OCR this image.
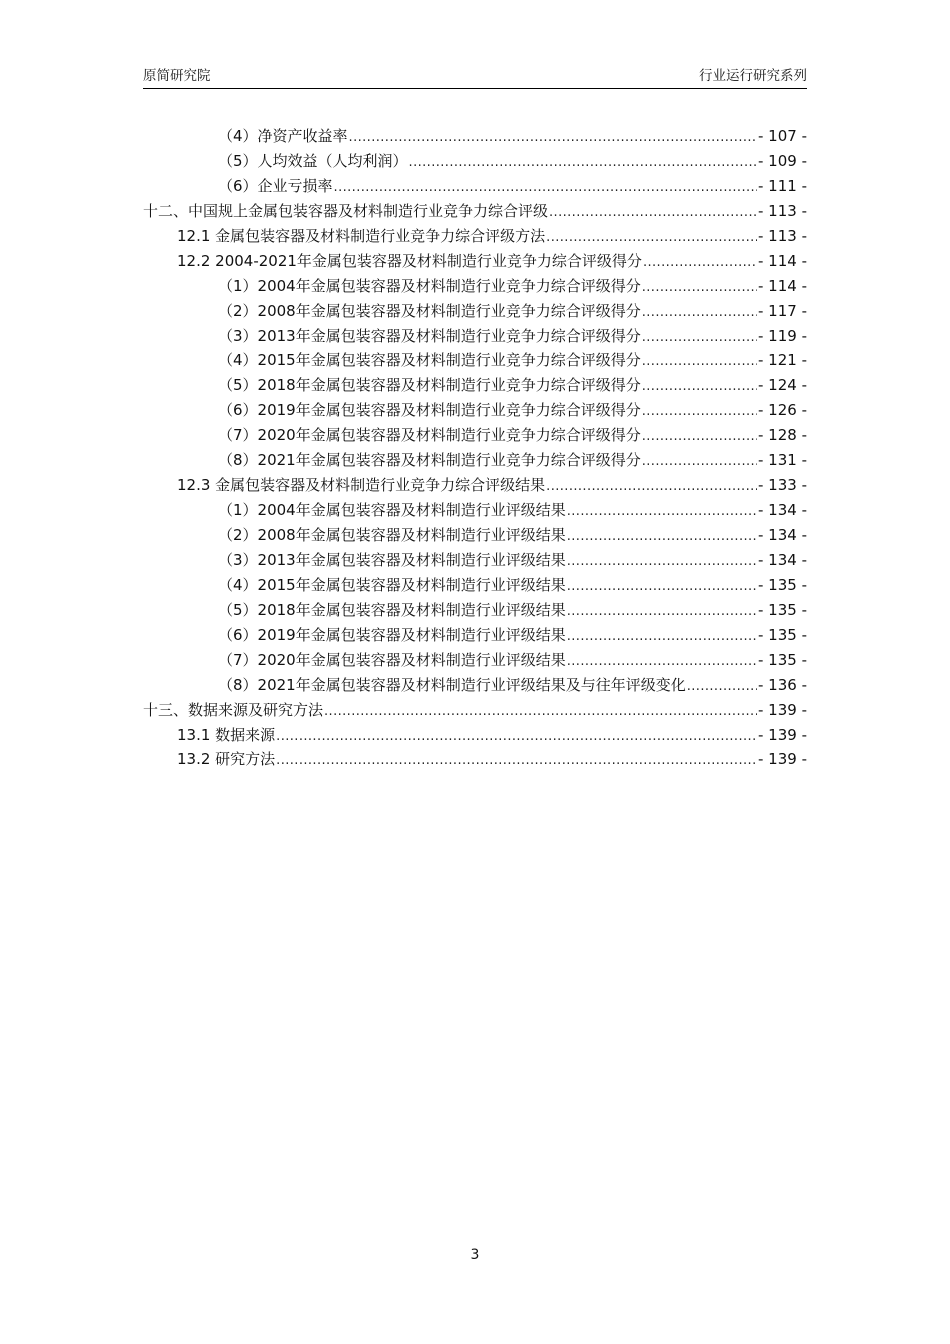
原简研究院	行业运行研究系列
（4）净资产收益率 .....	- 107 -
（5）人均效益（人均利润） .....	- 109 -
（6）企业亏损率 .....	- 111 -
十二、中国规上金属包装容器及材料制造行业竞争力综合评级 .....	- 113 -
12.1 金属包装容器及材料制造行业竞争力综合评级方法 .....	- 113 -
12.2 2004-2021年金属包装容器及材料制造行业竞争力综合评级得分 .....	- 114 -
（1）2004年金属包装容器及材料制造行业竞争力综合评级得分 .....	- 114 -
（2）2008年金属包装容器及材料制造行业竞争力综合评级得分 .....	- 117 -
（3）2013年金属包装容器及材料制造行业竞争力综合评级得分 .....	- 119 -
（4）2015年金属包装容器及材料制造行业竞争力综合评级得分 .....	- 121 -
（5）2018年金属包装容器及材料制造行业竞争力综合评级得分 .....	- 124 -
（6）2019年金属包装容器及材料制造行业竞争力综合评级得分 .....	- 126 -
（7）2020年金属包装容器及材料制造行业竞争力综合评级得分 .....	- 128 -
（8）2021年金属包装容器及材料制造行业竞争力综合评级得分 .....	- 131 -
12.3 金属包装容器及材料制造行业竞争力综合评级结果 .....	- 133 -
（1）2004年金属包装容器及材料制造行业评级结果 .....	- 134 -
（2）2008年金属包装容器及材料制造行业评级结果 .....	- 134 -
（3）2013年金属包装容器及材料制造行业评级结果 .....	- 134 -
（4）2015年金属包装容器及材料制造行业评级结果 .....	- 135 -
（5）2018年金属包装容器及材料制造行业评级结果 .....	- 135 -
（6）2019年金属包装容器及材料制造行业评级结果 .....	- 135 -
（7）2020年金属包装容器及材料制造行业评级结果 .....	- 135 -
（8）2021年金属包装容器及材料制造行业评级结果及与往年评级变化 .....	- 136 -
十三、数据来源及研究方法 .....	- 139 -
13.1 数据来源 .....	- 139 -
13.2 研究方法 .....	- 139 -
3
